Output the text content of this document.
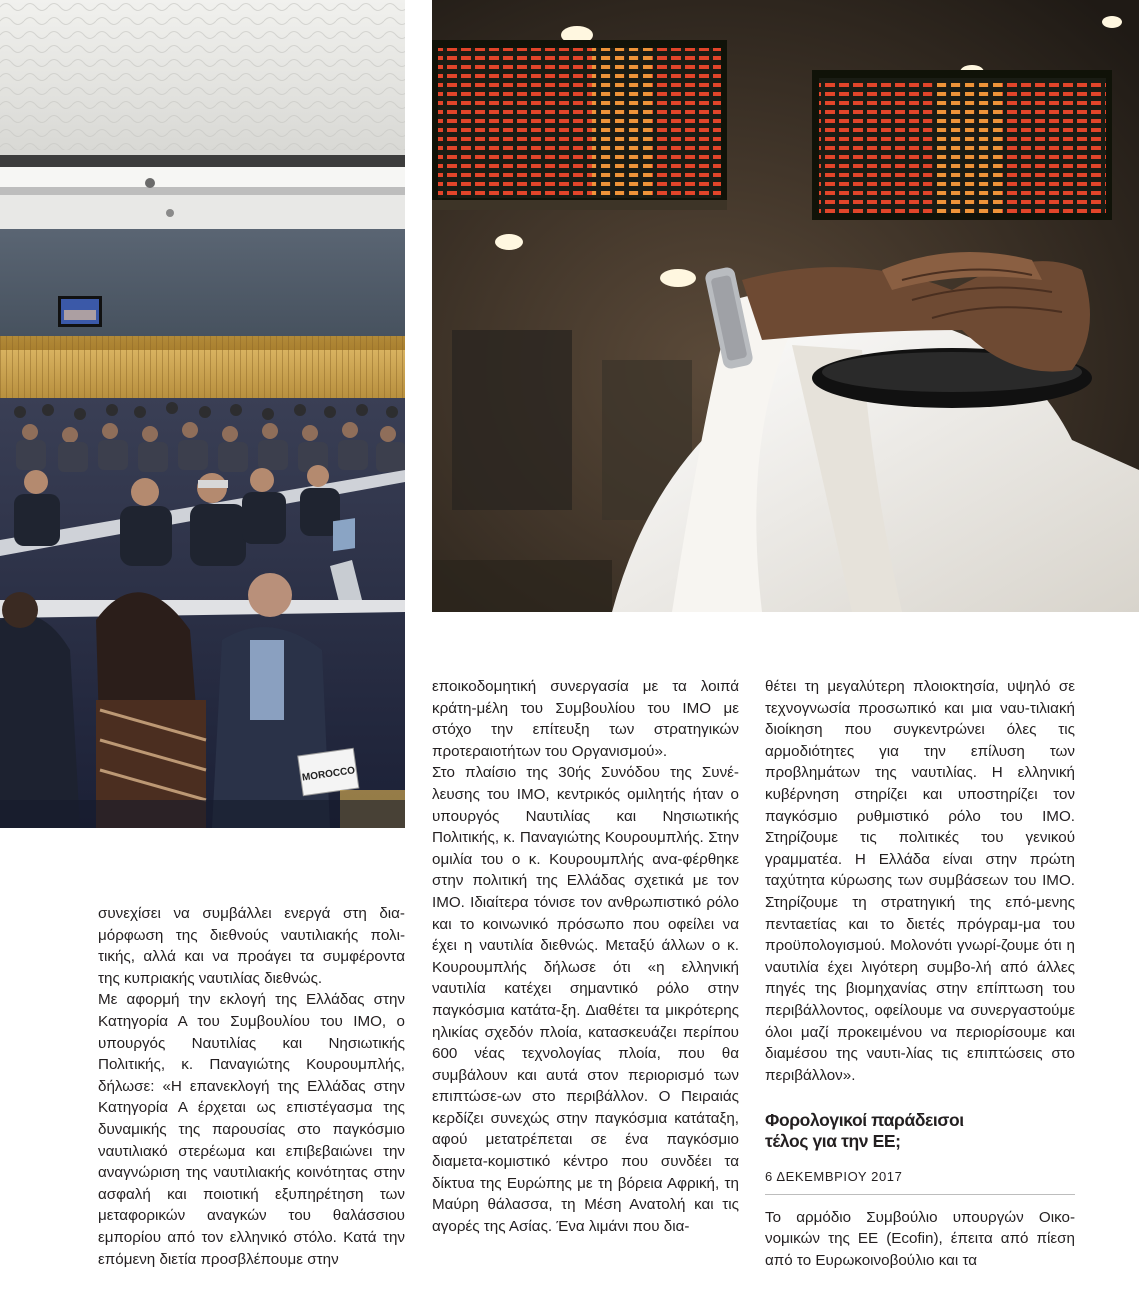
MOROCCO

συνεχίσει να συμβάλλει ενεργά στη δια-μόρφωση της διεθνούς ναυτιλιακής πολι-τικής, αλλά και να προάγει τα συμφέροντα της κυπριακής ναυτιλίας διεθνώς.

Με αφορμή την εκλογή της Ελλάδας στην Κατηγορία Α του Συμβουλίου του ΙΜΟ, ο υπουργός Ναυτιλίας και Νησιωτικής Πολιτικής, κ. Παναγιώτης Κουρουμπλής, δήλωσε: «Η επανεκλογή της Ελλάδας στην Κατηγορία Α έρχεται ως επιστέγασμα της δυναμικής της παρουσίας στο παγκόσμιο ναυτιλιακό στερέωμα και επιβεβαιώνει την αναγνώριση της ναυτιλιακής κοινότητας στην ασφαλή και ποιοτική εξυπηρέτηση των μεταφορικών αναγκών του θαλάσσιου εμπορίου από τον ελληνικό στόλο. Κατά την επόμενη διετία προσβλέπουμε στην

εποικοδομητική συνεργασία με τα λοιπά κράτη-μέλη του Συμβουλίου του ΙΜΟ με στόχο την επίτευξη των στρατηγικών προτεραιοτήτων του Οργανισμού».

Στο πλαίσιο της 30ής Συνόδου της Συνέ-λευσης του ΙΜΟ, κεντρικός ομιλητής ήταν ο υπουργός Ναυτιλίας και Νησιωτικής Πολιτικής, κ. Παναγιώτης Κουρουμπλής. Στην ομιλία του ο κ. Κουρουμπλής ανα-φέρθηκε στην πολιτική της Ελλάδας σχετικά με τον ΙΜΟ. Ιδιαίτερα τόνισε τον ανθρωπιστικό ρόλο και το κοινωνικό πρόσωπο που οφείλει να έχει η ναυτιλία διεθνώς. Μεταξύ άλλων ο κ. Κουρουμπλής δήλωσε ότι «η ελληνική ναυτιλία κατέχει σημαντικό ρόλο στην παγκόσμια κατάτα-ξη. Διαθέτει τα μικρότερης ηλικίας σχεδόν πλοία, κατασκευάζει περίπου 600 νέας τεχνολογίας πλοία, που θα συμβάλουν και αυτά στον περιορισμό των επιπτώσε-ων στο περιβάλλον. Ο Πειραιάς κερδίζει συνεχώς στην παγκόσμια κατάταξη, αφού μετατρέπεται σε ένα παγκόσμιο διαμετα-κομιστικό κέντρο που συνδέει τα δίκτυα της Ευρώπης με τη βόρεια Αφρική, τη Μαύρη θάλασσα, τη Μέση Ανατολή και τις αγορές της Ασίας. Ένα λιμάνι που δια-

θέτει τη μεγαλύτερη πλοιοκτησία, υψηλό σε τεχνογνωσία προσωπικό και μια ναυ-τιλιακή διοίκηση που συγκεντρώνει όλες τις αρμοδιότητες για την επίλυση των προβλημάτων της ναυτιλίας. Η ελληνική κυβέρνηση στηρίζει και υποστηρίζει τον παγκόσμιο ρυθμιστικό ρόλο του ΙΜΟ. Στηρίζουμε τις πολιτικές του γενικού γραμματέα. Η Ελλάδα είναι στην πρώτη ταχύτητα κύρωσης των συμβάσεων του ΙΜΟ. Στηρίζουμε τη στρατηγική της επό-μενης πενταετίας και το διετές πρόγραμ-μα του προϋπολογισμού. Μολονότι γνωρί-ζουμε ότι η ναυτιλία έχει λιγότερη συμβο-λή από άλλες πηγές της βιομηχανίας στην επίπτωση του περιβάλλοντος, οφείλουμε να συνεργαστούμε όλοι μαζί προκειμένου να περιορίσουμε και διαμέσου της ναυτι-λίας τις επιπτώσεις στο περιβάλλον».

Φορολογικοί παράδεισοι
τέλος για την ΕΕ;
6 ΔΕΚΕΜΒΡΙΟΥ 2017

Το αρμόδιο Συμβούλιο υπουργών Οικο-νομικών της ΕΕ (Ecofin), έπειτα από πίεση από το Ευρωκοινοβούλιο και τα
